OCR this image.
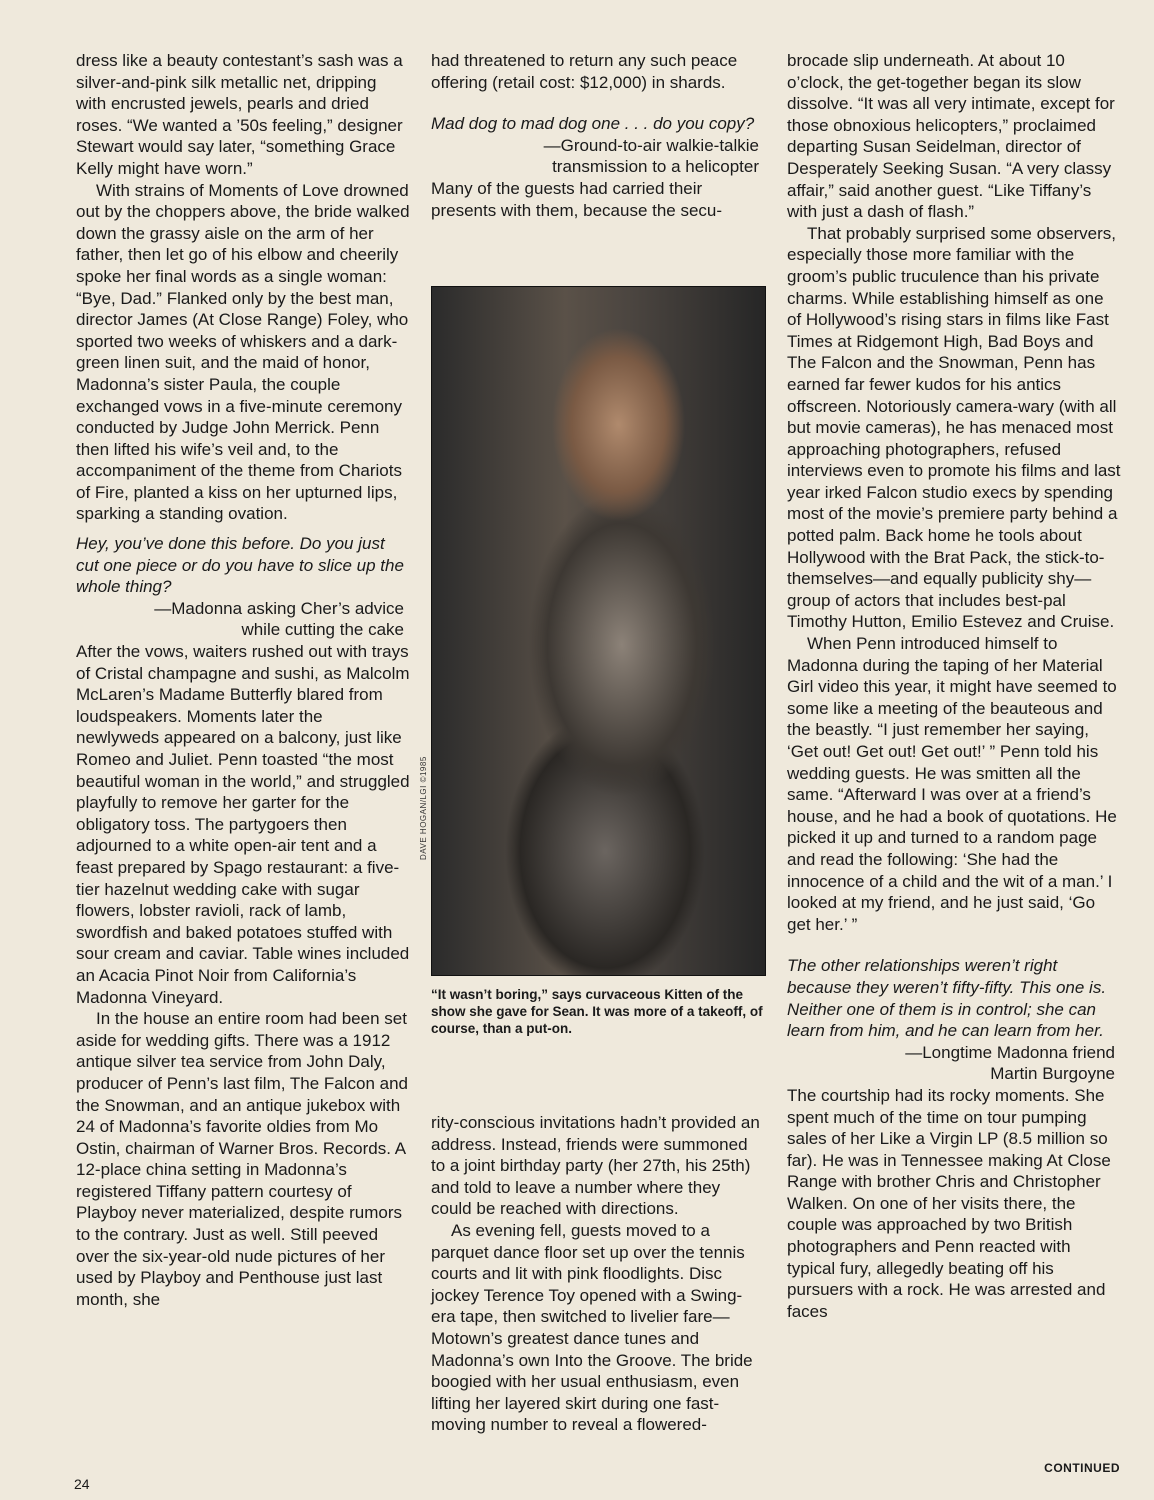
dress like a beauty contestant’s sash was a silver-and-pink silk metallic net, dripping with encrusted jewels, pearls and dried roses. “We wanted a ’50s feeling,” designer Stewart would say later, “something Grace Kelly might have worn.”

With strains of Moments of Love drowned out by the choppers above, the bride walked down the grassy aisle on the arm of her father, then let go of his elbow and cheerily spoke her final words as a single woman: “Bye, Dad.” Flanked only by the best man, director James (At Close Range) Foley, who sported two weeks of whiskers and a dark-green linen suit, and the maid of honor, Madonna’s sister Paula, the couple exchanged vows in a five-minute ceremony conducted by Judge John Merrick. Penn then lifted his wife’s veil and, to the accompaniment of the theme from Chariots of Fire, planted a kiss on her upturned lips, sparking a standing ovation.

Hey, you’ve done this before. Do you just cut one piece or do you have to slice up the whole thing?

—Madonna asking Cher’s advice

while cutting the cake

After the vows, waiters rushed out with trays of Cristal champagne and sushi, as Malcolm McLaren’s Madame Butterfly blared from loudspeakers. Moments later the newlyweds appeared on a balcony, just like Romeo and Juliet. Penn toasted “the most beautiful woman in the world,” and struggled playfully to remove her garter for the obligatory toss. The partygoers then adjourned to a white open-air tent and a feast prepared by Spago restaurant: a five-tier hazelnut wedding cake with sugar flowers, lobster ravioli, rack of lamb, swordfish and baked potatoes stuffed with sour cream and caviar. Table wines included an Acacia Pinot Noir from California’s Madonna Vineyard.

In the house an entire room had been set aside for wedding gifts. There was a 1912 antique silver tea service from John Daly, producer of Penn’s last film, The Falcon and the Snowman, and an antique jukebox with 24 of Madonna’s favorite oldies from Mo Ostin, chairman of Warner Bros. Records. A 12-place china setting in Madonna’s registered Tiffany pattern courtesy of Playboy never materialized, despite rumors to the contrary. Just as well. Still peeved over the six-year-old nude pictures of her used by Playboy and Penthouse just last month, she

had threatened to return any such peace offering (retail cost: $12,000) in shards.

Mad dog to mad dog one . . . do you copy?

—Ground-to-air walkie-talkie

transmission to a helicopter

Many of the guests had carried their presents with them, because the secu-

DAVE HOGAN/LGI ©1985
“It wasn’t boring,” says curvaceous Kitten of the show she gave for Sean. It was more of a takeoff, of course, than a put-on.

rity-conscious invitations hadn’t provided an address. Instead, friends were summoned to a joint birthday party (her 27th, his 25th) and told to leave a number where they could be reached with directions.

As evening fell, guests moved to a parquet dance floor set up over the tennis courts and lit with pink floodlights. Disc jockey Terence Toy opened with a Swing-era tape, then switched to livelier fare—Motown’s greatest dance tunes and Madonna’s own Into the Groove. The bride boogied with her usual enthusiasm, even lifting her layered skirt during one fast-moving number to reveal a flowered-

brocade slip underneath. At about 10 o’clock, the get-together began its slow dissolve. “It was all very intimate, except for those obnoxious helicopters,” proclaimed departing Susan Seidelman, director of Desperately Seeking Susan. “A very classy affair,” said another guest. “Like Tiffany’s with just a dash of flash.”

That probably surprised some observers, especially those more familiar with the groom’s public truculence than his private charms. While establishing himself as one of Hollywood’s rising stars in films like Fast Times at Ridgemont High, Bad Boys and The Falcon and the Snowman, Penn has earned far fewer kudos for his antics offscreen. Notoriously camera-wary (with all but movie cameras), he has menaced most approaching photographers, refused interviews even to promote his films and last year irked Falcon studio execs by spending most of the movie’s premiere party behind a potted palm. Back home he tools about Hollywood with the Brat Pack, the stick-to-themselves—and equally publicity shy—group of actors that includes best-pal Timothy Hutton, Emilio Estevez and Cruise.

When Penn introduced himself to Madonna during the taping of her Material Girl video this year, it might have seemed to some like a meeting of the beauteous and the beastly. “I just remember her saying, ‘Get out! Get out! Get out!’ ” Penn told his wedding guests. He was smitten all the same. “Afterward I was over at a friend’s house, and he had a book of quotations. He picked it up and turned to a random page and read the following: ‘She had the innocence of a child and the wit of a man.’ I looked at my friend, and he just said, ‘Go get her.’ ”

The other relationships weren’t right because they weren’t fifty-fifty. This one is. Neither one of them is in control; she can learn from him, and he can learn from her.

—Longtime Madonna friend

Martin Burgoyne

The courtship had its rocky moments. She spent much of the time on tour pumping sales of her Like a Virgin LP (8.5 million so far). He was in Tennessee making At Close Range with brother Chris and Christopher Walken. On one of her visits there, the couple was approached by two British photographers and Penn reacted with typical fury, allegedly beating off his pursuers with a rock. He was arrested and faces

24
CONTINUED
